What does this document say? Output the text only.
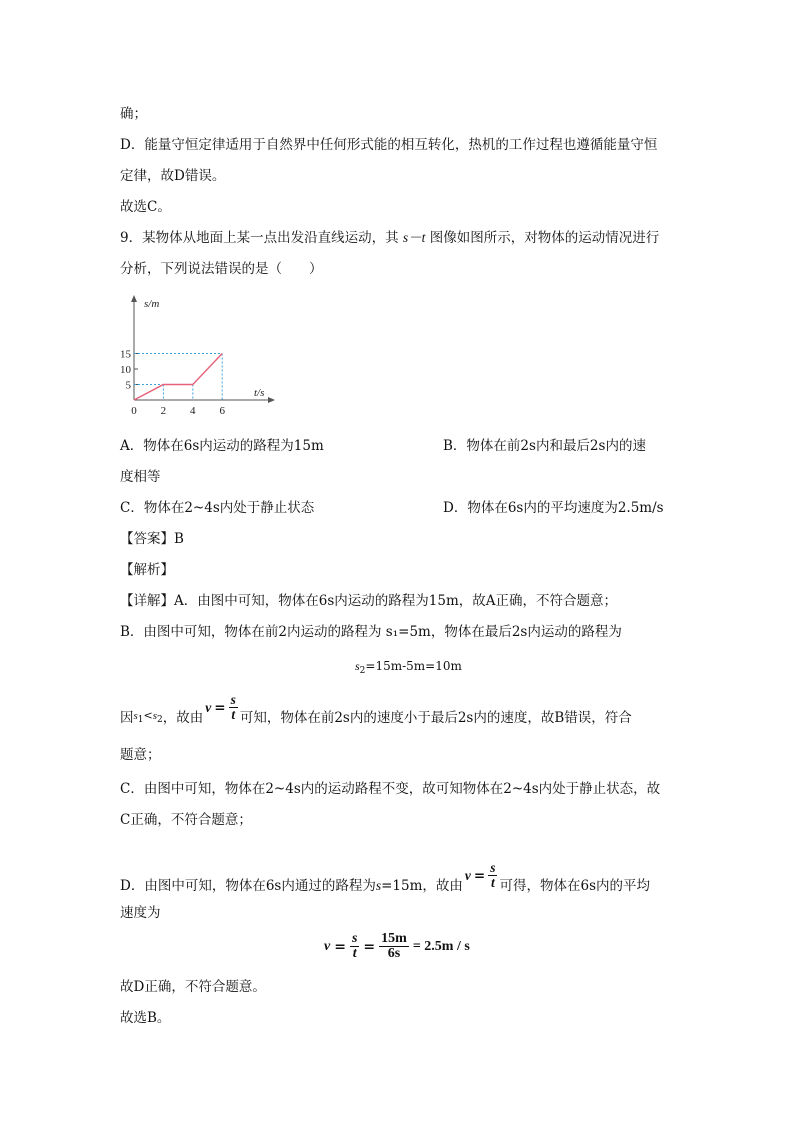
确；
D．能量守恒定律适用于自然界中任何形式能的相互转化，热机的工作过程也遵循能量守恒
定律，故D错误。
故选C。
9．某物体从地面上某一点出发沿直线运动，其 s－t 图像如图所示，对物体的运动情况进行
分析，下列说法错误的是（　　）
0 2 4 6
5
10
15
s/m
t/s
A．物体在6s内运动的路程为15m	B．物体在前2s内和最后2s内的速
度相等
C．物体在2~4s内处于静止状态	D．物体在6s内的平均速度为2.5m/s
【答案】B
【解析】
【详解】A．由图中可知，物体在6s内运动的路程为15m，故A正确，不符合题意；
B．由图中可知，物体在前2内运动的路程为 s₁=5m，物体在最后2s内运动的路程为
$s_2=15m-5m=10m$
因 $s_1<s_2$ ，故由
$v = \frac{s}{t}$ 可知，物体在前2s内的速度小于最后2s内的速度，故B错误，符合
题意；
C．由图中可知，物体在2~4s内的运动路程不变，故可知物体在2~4s内处于静止状态，故
C正确，不符合题意；
D．由图中可知，物体在6s内通过的路程为 s =15m，故由
$v = \frac{s}{t}$ 可得，物体在6s内的平均
速度为
$v = \frac{s}{t} = \frac{15m}{6s} = 2.5m / s$
故D正确，不符合题意。
故选B。
